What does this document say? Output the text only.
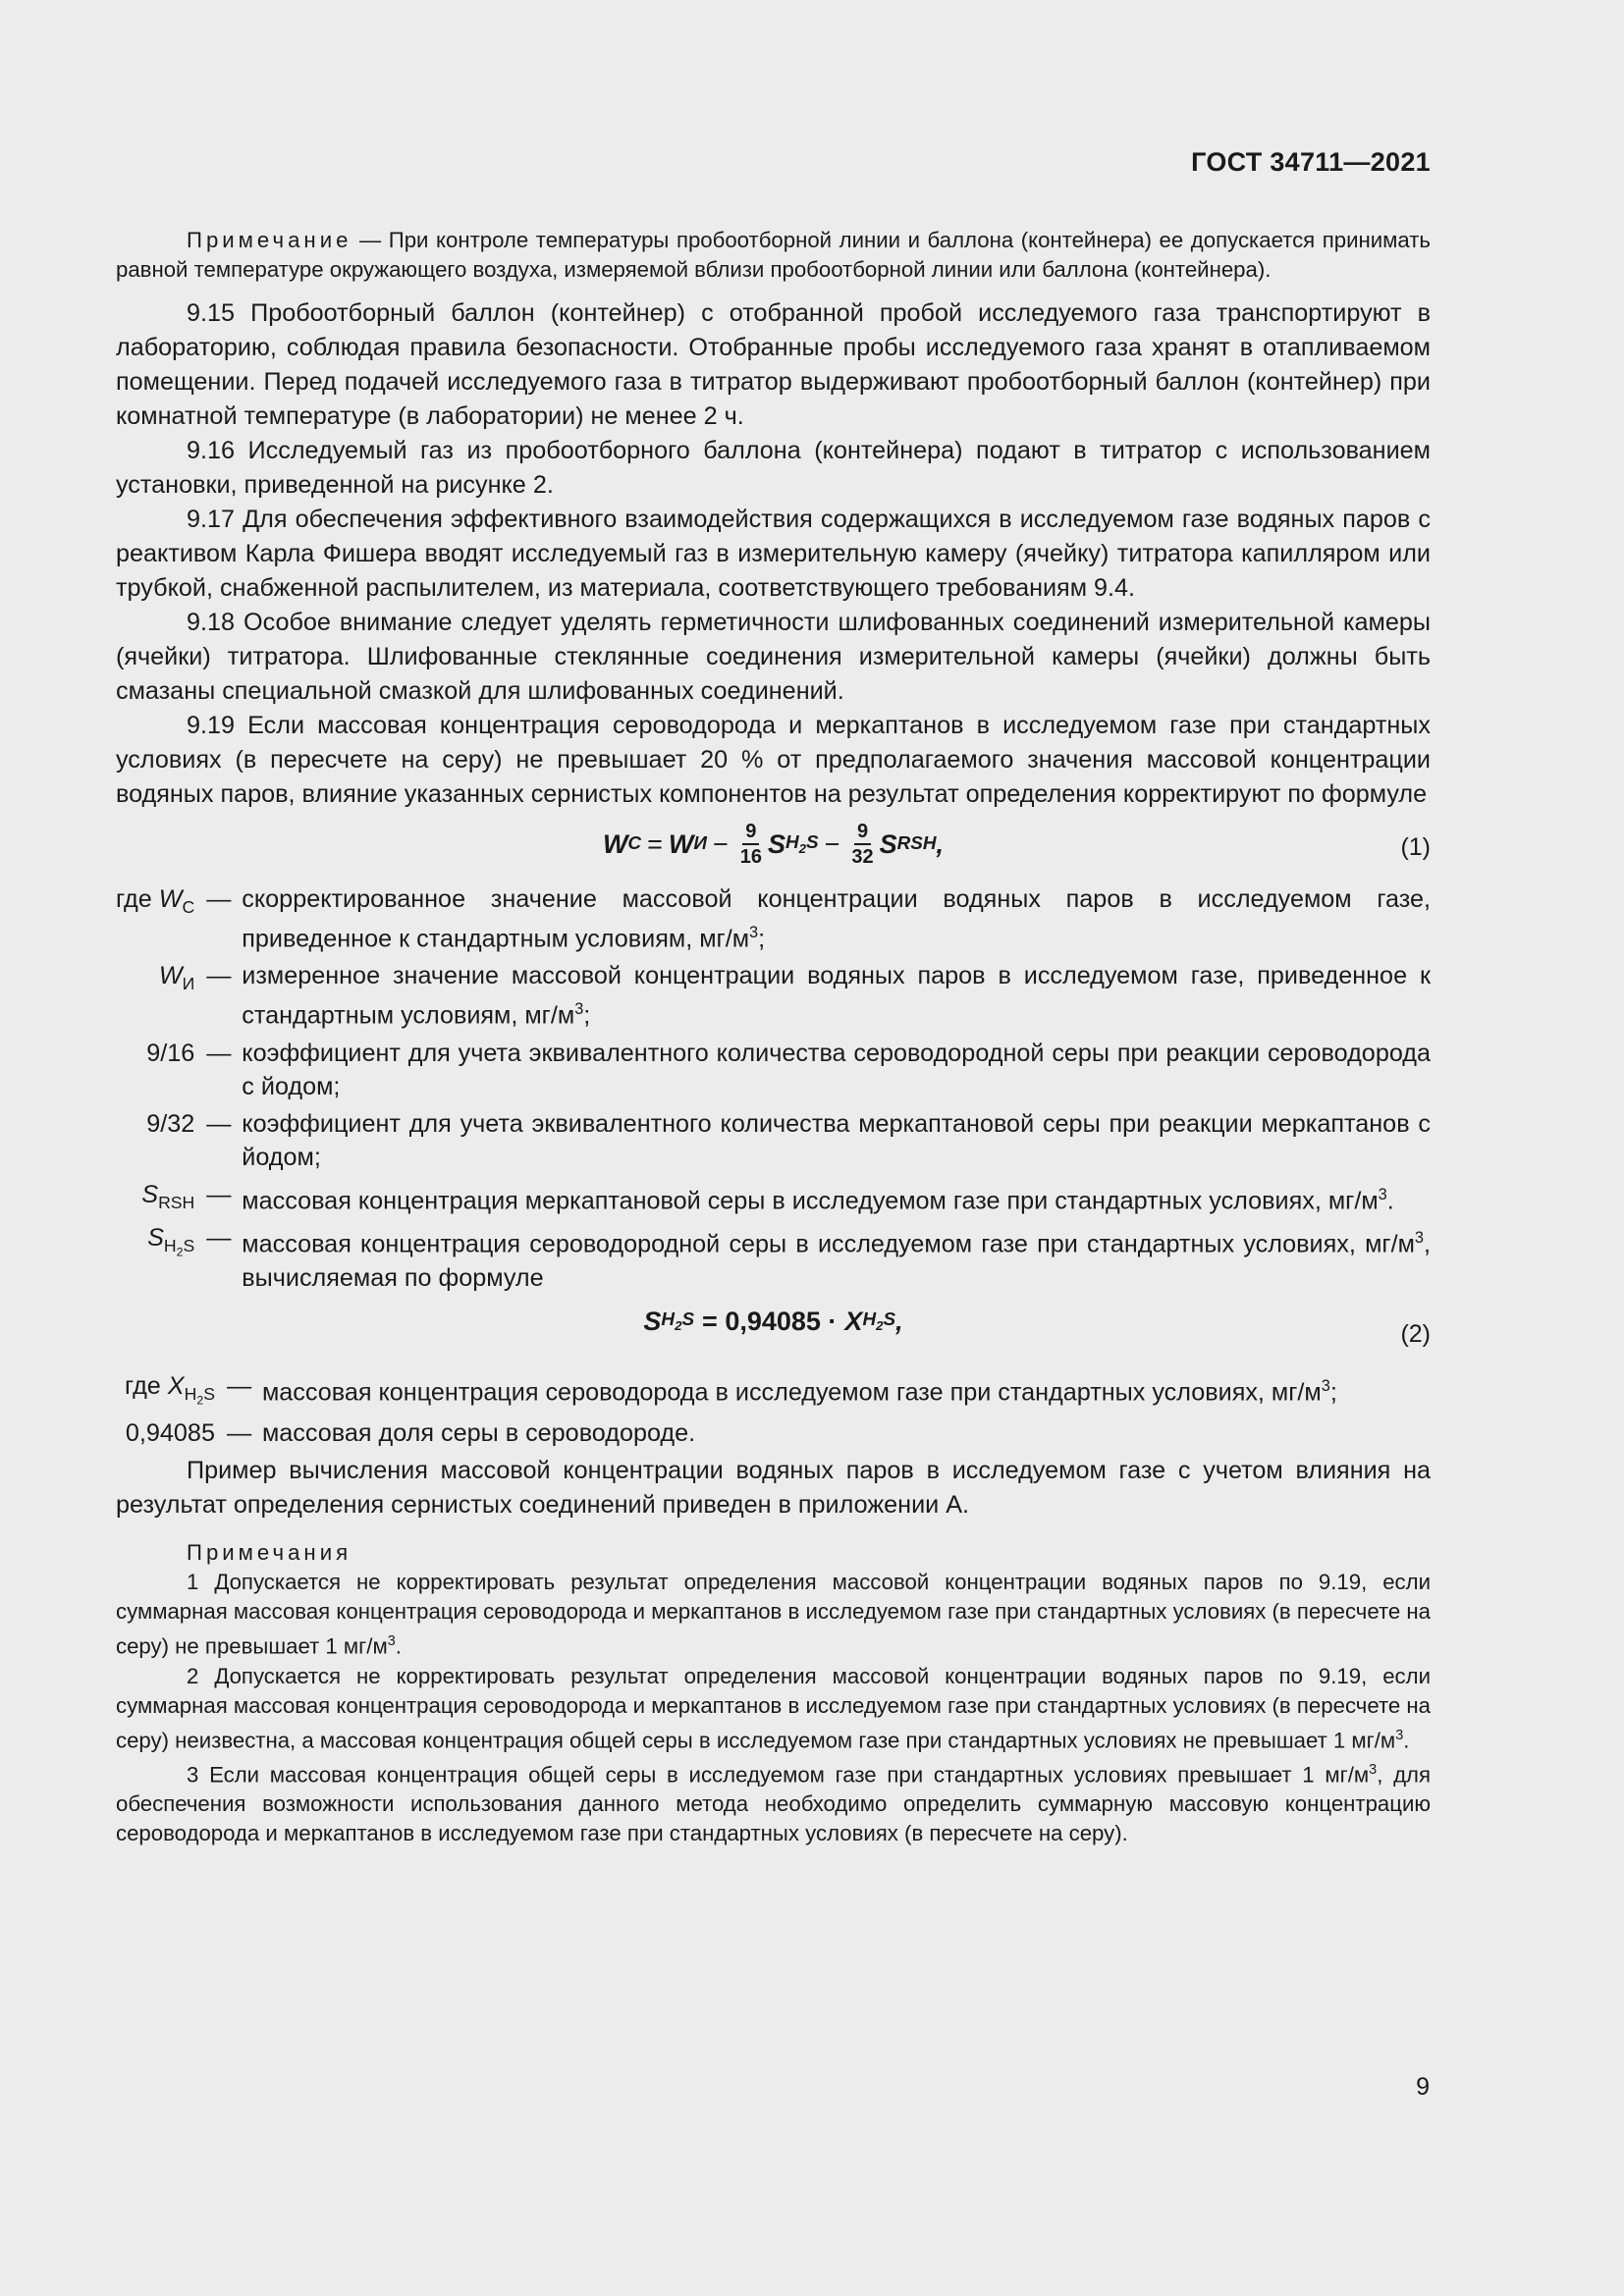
ГОСТ 34711—2021

Примечание — При контроле температуры пробоотборной линии и баллона (контейнера) ее допускается принимать равной температуре окружающего воздуха, измеряемой вблизи пробоотборной линии или баллона (контейнера).

9.15 Пробоотборный баллон (контейнер) с отобранной пробой исследуемого газа транспортируют в лабораторию, соблюдая правила безопасности. Отобранные пробы исследуемого газа хранят в отапливаемом помещении. Перед подачей исследуемого газа в титратор выдерживают пробоотборный баллон (контейнер) при комнатной температуре (в лаборатории) не менее 2 ч.

9.16 Исследуемый газ из пробоотборного баллона (контейнера) подают в титратор с использованием установки, приведенной на рисунке 2.

9.17 Для обеспечения эффективного взаимодействия содержащихся в исследуемом газе водяных паров с реактивом Карла Фишера вводят исследуемый газ в измерительную камеру (ячейку) титратора капилляром или трубкой, снабженной распылителем, из материала, соответствующего требованиям 9.4.

9.18 Особое внимание следует уделять герметичности шлифованных соединений измерительной камеры (ячейки) титратора. Шлифованные стеклянные соединения измерительной камеры (ячейки) должны быть смазаны специальной смазкой для шлифованных соединений.

9.19 Если массовая концентрация сероводорода и меркаптанов в исследуемом газе при стандартных условиях (в пересчете на серу) не превышает 20 % от предполагаемого значения массовой концентрации водяных паров, влияние указанных сернистых компонентов на результат определения корректируют по формуле

W С = W $И - \frac{9}{16}$ S $H_2S - \frac{9}{32}$ S RSH ,	(1)
где $W_С$	—	скорректированное значение массовой концентрации водяных паров в исследуемом газе, приведенное к стандартным условиям, $мг/м^3$;
$W_И$	—	измеренное значение массовой концентрации водяных паров в исследуемом газе, приведенное к стандартным условиям, $мг/м^3$;
9/16	—	коэффициент для учета эквивалентного количества сероводородной серы при реакции сероводорода с йодом;
9/32	—	коэффициент для учета эквивалентного количества меркаптановой серы при реакции меркаптанов с йодом;
$S_{RSH}$	—	массовая концентрация меркаптановой серы в исследуемом газе при стандартных условиях, $мг/м^3$.
$S_{H_2S}$	—	массовая концентрация сероводородной серы в исследуемом газе при стандартных условиях, $мг/м^3$, вычисляемая по формуле
S $H_2S = 0,94085 \cdot X$ $H_2S$ ,	(2)
где $X_{H_2S}$	—	массовая концентрация сероводорода в исследуемом газе при стандартных условиях, $мг/м^3$;
0,94085	—	массовая доля серы в сероводороде.

Пример вычисления массовой концентрации водяных паров в исследуемом газе с учетом влияния на результат определения сернистых соединений приведен в приложении А.

Примечания

1 Допускается не корректировать результат определения массовой концентрации водяных паров по 9.19, если суммарная массовая концентрация сероводорода и меркаптанов в исследуемом газе при стандартных условиях (в пересчете на серу) не превышает 1 $мг/м^3$.

2 Допускается не корректировать результат определения массовой концентрации водяных паров по 9.19, если суммарная массовая концентрация сероводорода и меркаптанов в исследуемом газе при стандартных условиях (в пересчете на серу) неизвестна, а массовая концентрация общей серы в исследуемом газе при стандартных условиях не превышает 1 $мг/м^3$.

3 Если массовая концентрация общей серы в исследуемом газе при стандартных условиях превышает 1 $мг/м^3$, для обеспечения возможности использования данного метода необходимо определить суммарную массовую концентрацию сероводорода и меркаптанов в исследуемом газе при стандартных условиях (в пересчете на серу).

9
